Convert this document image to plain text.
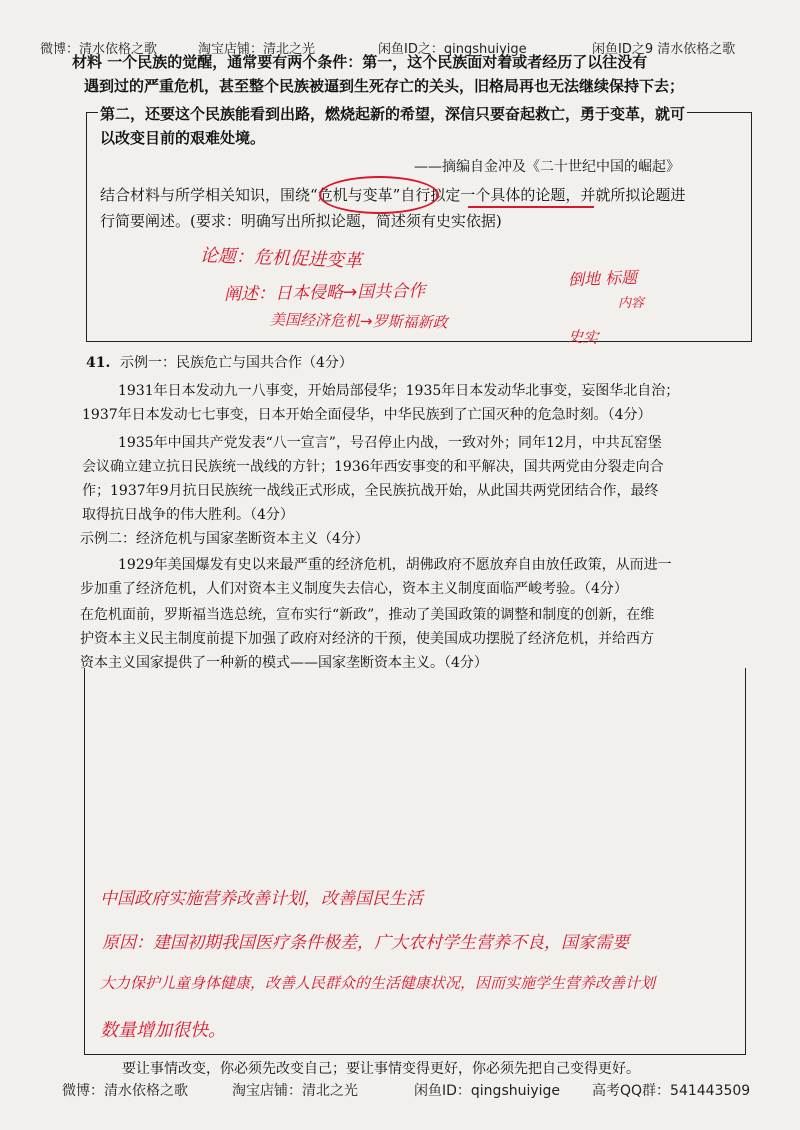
微博：清水依格之歌	淘宝店铺：清北之光	闲鱼ID之：qingshuiyige	闲鱼ID之9 清水依格之歌
材料 一个民族的觉醒，通常要有两个条件：第一，这个民族面对着或者经历了以往没有
遇到过的严重危机，甚至整个民族被逼到生死存亡的关头，旧格局再也无法继续保持下去；
第二，还要这个民族能看到出路，燃烧起新的希望，深信只要奋起救亡，勇于变革，就可
以改变目前的艰难处境。
——摘编自金冲及《二十世纪中国的崛起》
结合材料与所学相关知识，围绕“危机与变革”自行拟定一个具体的论题，并就所拟论题进
行简要阐述。(要求：明确写出所拟论题，简述须有史实依据)
论题：危机促进变革
阐述：日本侵略→国共合作
美国经济危机→罗斯福新政
倒地 标题
内容
史实
41. 示例一：民族危亡与国共合作（4分）
1931年日本发动九一八事变，开始局部侵华；1935年日本发动华北事变，妄图华北自治；
1937年日本发动七七事变，日本开始全面侵华，中华民族到了亡国灭种的危急时刻。（4分）
1935年中国共产党发表“八一宣言”，号召停止内战，一致对外；同年12月，中共瓦窑堡
会议确立建立抗日民族统一战线的方针；1936年西安事变的和平解决，国共两党由分裂走向合
作；1937年9月抗日民族统一战线正式形成，全民族抗战开始，从此国共两党团结合作，最终
取得抗日战争的伟大胜利。（4分）
示例二：经济危机与国家垄断资本主义（4分）
1929年美国爆发有史以来最严重的经济危机，胡佛政府不愿放弃自由放任政策，从而进一
步加重了经济危机，人们对资本主义制度失去信心，资本主义制度面临严峻考验。（4分）
在危机面前，罗斯福当选总统，宣布实行“新政”，推动了美国政策的调整和制度的创新，在维
护资本主义民主制度前提下加强了政府对经济的干预，使美国成功摆脱了经济危机，并给西方
资本主义国家提供了一种新的模式——国家垄断资本主义。（4分）
中国政府实施营养改善计划，改善国民生活
原因：建国初期我国医疗条件极差，广大农村学生营养不良，国家需要
大力保护儿童身体健康，改善人民群众的生活健康状况，因而实施学生营养改善计划
数量增加很快。
要让事情改变，你必须先改变自己；要让事情变得更好，你必须先把自己变得更好。
微博：清水依格之歌	淘宝店铺：清北之光	闲鱼ID：qingshuiyige 高考QQ群：541443509
